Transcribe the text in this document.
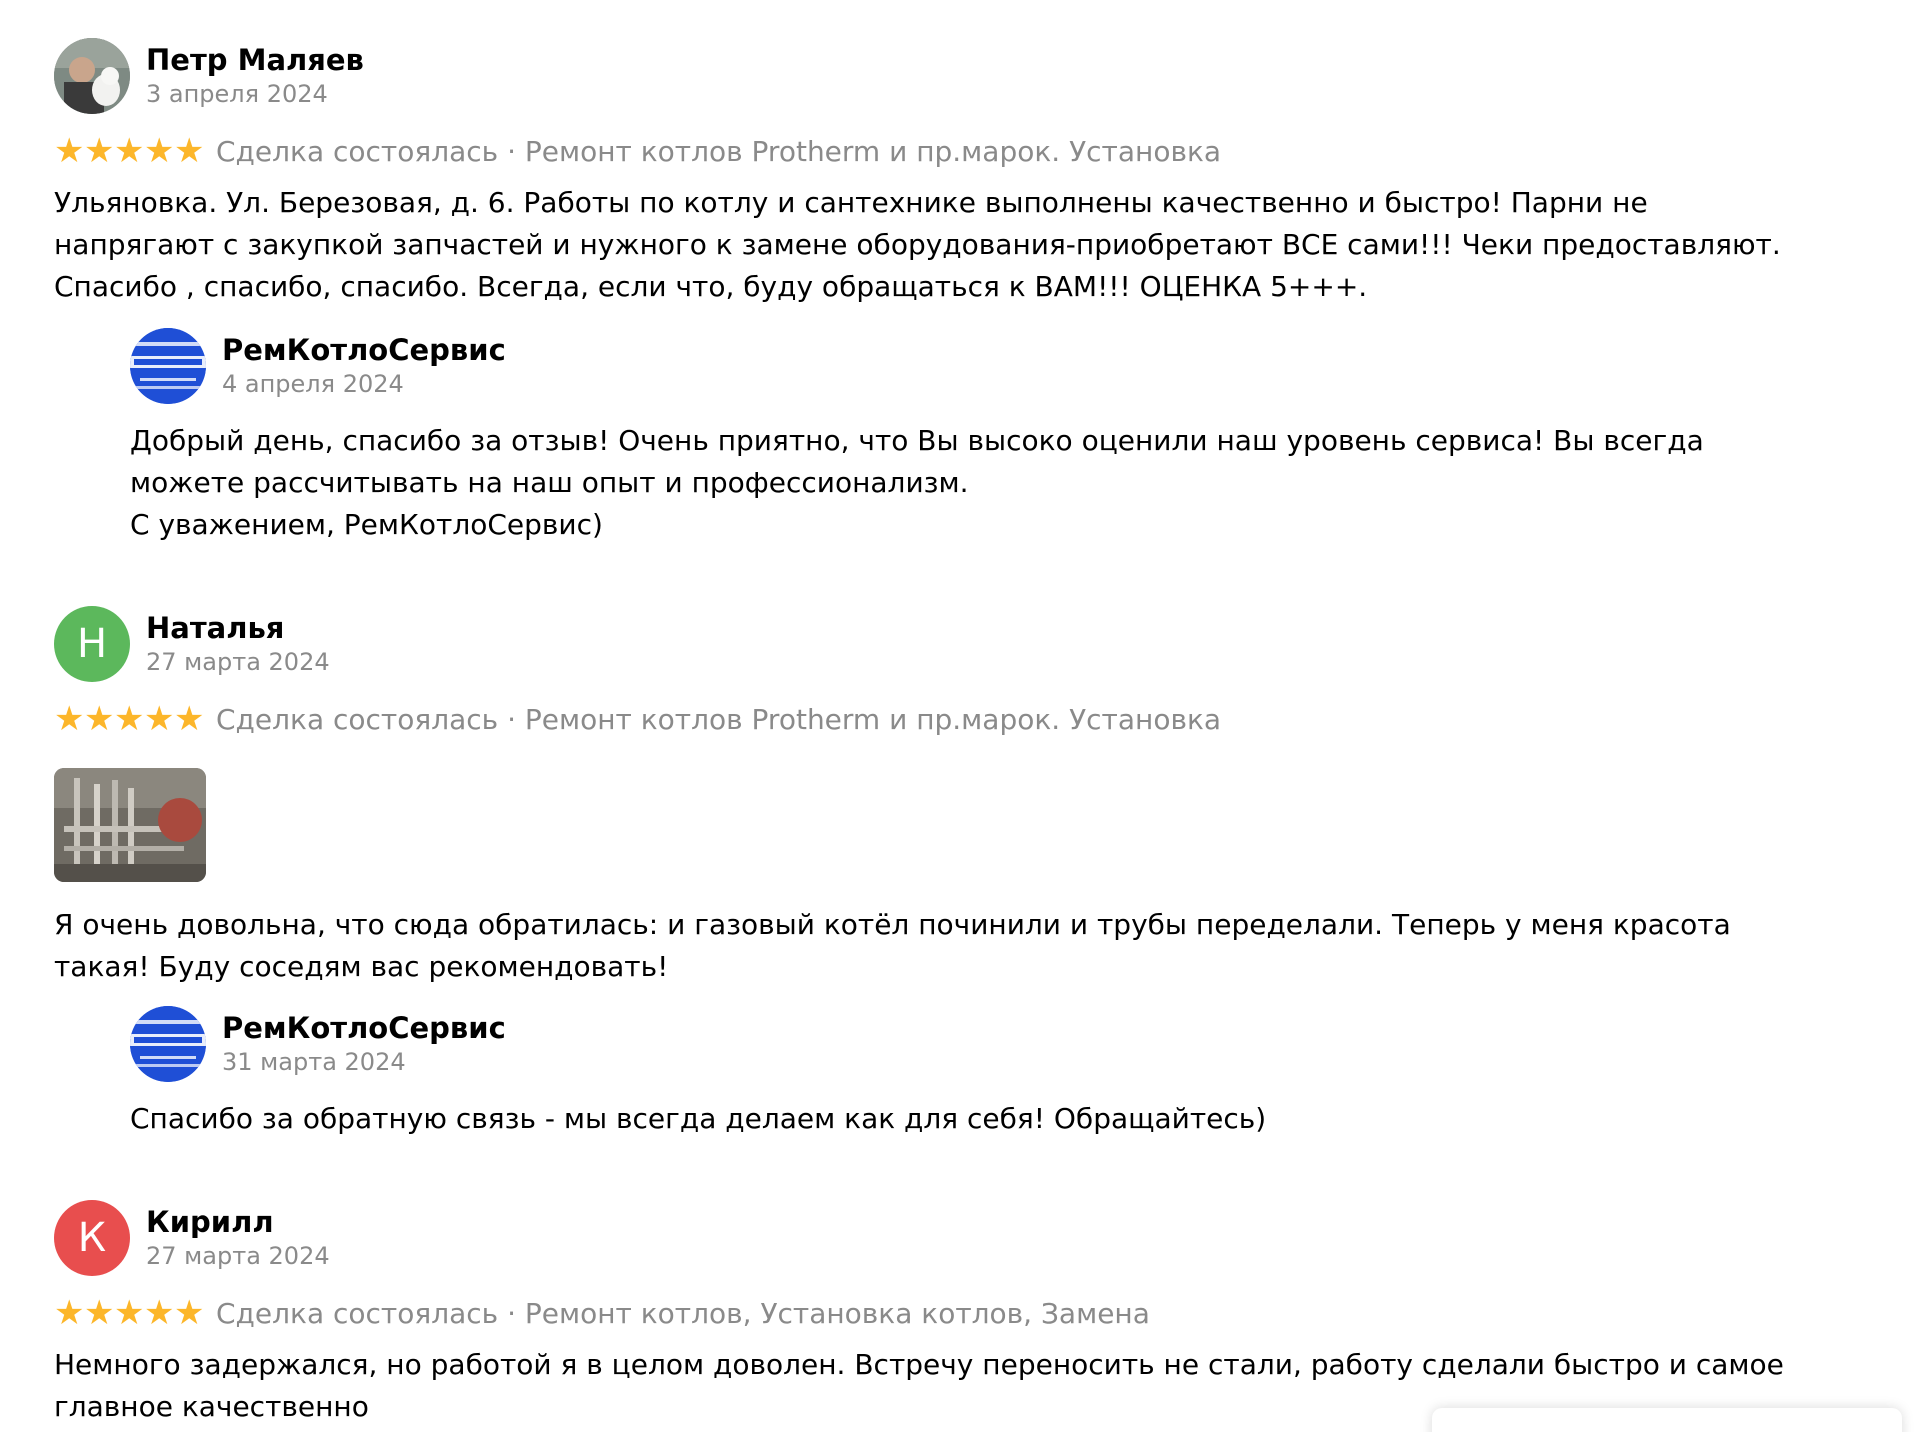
Петр Маляев
3 апреля 2024
★ ★ ★ ★ ★ Сделка состоялась · Ремонт котлов Protherm и пр.марок. Установка
Ульяновка. Ул. Березовая, д. 6. Работы по котлу и сантехнике выполнены качественно и быстро! Парни не напрягают с закупкой запчастей и нужного к замене оборудования-приобретают ВСЕ сами!!! Чеки предоставляют. Спасибо , спасибо, спасибо. Всегда, если что, буду обращаться к ВАМ!!! ОЦЕНКА 5+++.
РемКотлоСервис
4 апреля 2024
Добрый день, спасибо за отзыв! Очень приятно, что Вы высоко оценили наш уровень сервиса! Вы всегда можете рассчитывать на наш опыт и профессионализм.
С уважением, РемКотлоСервис)
Н Наталья
27 марта 2024
★ ★ ★ ★ ★ Сделка состоялась · Ремонт котлов Protherm и пр.марок. Установка
Я очень довольна, что сюда обратилась: и газовый котёл починили и трубы переделали. Теперь у меня красота такая! Буду соседям вас рекомендовать!
РемКотлоСервис
31 марта 2024
Спасибо за обратную связь - мы всегда делаем как для себя! Обращайтесь)
К Кирилл
27 марта 2024
★ ★ ★ ★ ★ Сделка состоялась · Ремонт котлов, Установка котлов, Замена
Немного задержался, но работой я в целом доволен. Встречу переносить не стали, работу сделали быстро и самое главное качественно
